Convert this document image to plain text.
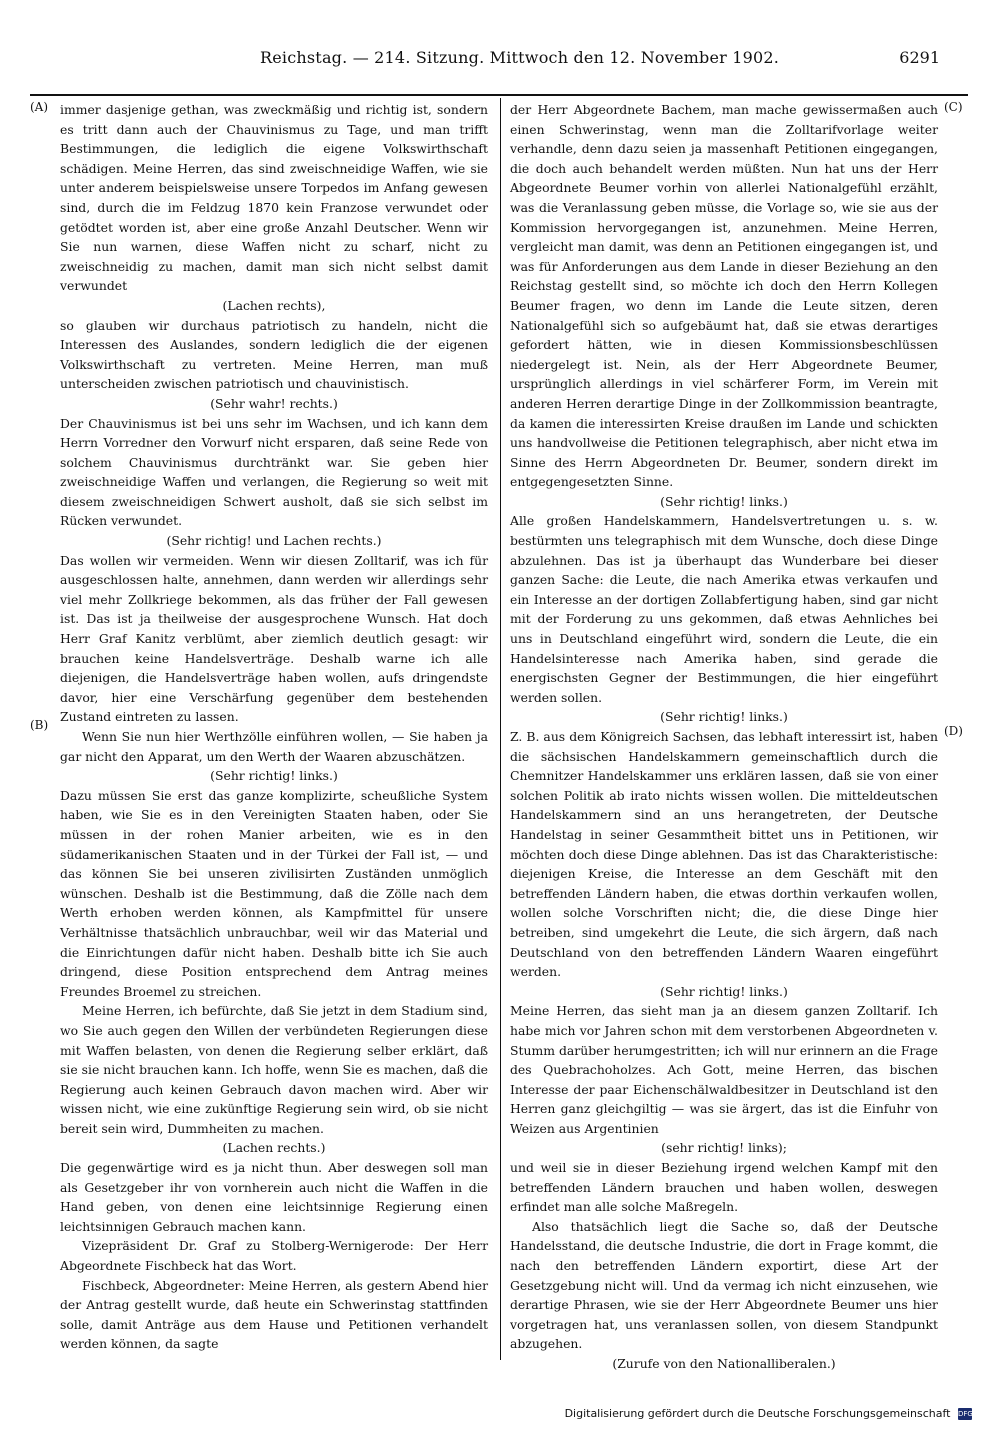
Reichstag. — 214. Sitzung. Mittwoch den 12. November 1902.	6291
(A)
(B)
(C)
(D)

immer dasjenige gethan, was zweckmäßig und richtig ist, sondern es tritt dann auch der Chauvinismus zu Tage, und man trifft Bestimmungen, die lediglich die eigene Volkswirthschaft schädigen. Meine Herren, das sind zweischneidige Waffen, wie sie unter anderem beispielsweise unsere Torpedos im Anfang gewesen sind, durch die im Feldzug 1870 kein Franzose verwundet oder getödtet worden ist, aber eine große Anzahl Deutscher. Wenn wir Sie nun warnen, diese Waffen nicht zu scharf, nicht zu zweischneidig zu machen, damit man sich nicht selbst damit verwundet

(Lachen rechts),

so glauben wir durchaus patriotisch zu handeln, nicht die Interessen des Auslandes, sondern lediglich die der eigenen Volkswirthschaft zu vertreten. Meine Herren, man muß unterscheiden zwischen patriotisch und chauvinistisch.

(Sehr wahr! rechts.)

Der Chauvinismus ist bei uns sehr im Wachsen, und ich kann dem Herrn Vorredner den Vorwurf nicht ersparen, daß seine Rede von solchem Chauvinismus durchtränkt war. Sie geben hier zweischneidige Waffen und verlangen, die Regierung so weit mit diesem zweischneidigen Schwert ausholt, daß sie sich selbst im Rücken verwundet.

(Sehr richtig! und Lachen rechts.)

Das wollen wir vermeiden. Wenn wir diesen Zolltarif, was ich für ausgeschlossen halte, annehmen, dann werden wir allerdings sehr viel mehr Zollkriege bekommen, als das früher der Fall gewesen ist. Das ist ja theilweise der ausgesprochene Wunsch. Hat doch Herr Graf Kanitz verblümt, aber ziemlich deutlich gesagt: wir brauchen keine Handelsverträge. Deshalb warne ich alle diejenigen, die Handelsverträge haben wollen, aufs dringendste davor, hier eine Verschärfung gegenüber dem bestehenden Zustand eintreten zu lassen.

Wenn Sie nun hier Werthzölle einführen wollen, — Sie haben ja gar nicht den Apparat, um den Werth der Waaren abzuschätzen.

(Sehr richtig! links.)

Dazu müssen Sie erst das ganze komplizirte, scheußliche System haben, wie Sie es in den Vereinigten Staaten haben, oder Sie müssen in der rohen Manier arbeiten, wie es in den südamerikanischen Staaten und in der Türkei der Fall ist, — und das können Sie bei unseren zivilisirten Zuständen unmöglich wünschen. Deshalb ist die Bestimmung, daß die Zölle nach dem Werth erhoben werden können, als Kampfmittel für unsere Verhältnisse thatsächlich unbrauchbar, weil wir das Material und die Einrichtungen dafür nicht haben. Deshalb bitte ich Sie auch dringend, diese Position entsprechend dem Antrag meines Freundes Broemel zu streichen.

Meine Herren, ich befürchte, daß Sie jetzt in dem Stadium sind, wo Sie auch gegen den Willen der verbündeten Regierungen diese mit Waffen belasten, von denen die Regierung selber erklärt, daß sie sie nicht brauchen kann. Ich hoffe, wenn Sie es machen, daß die Regierung auch keinen Gebrauch davon machen wird. Aber wir wissen nicht, wie eine zukünftige Regierung sein wird, ob sie nicht bereit sein wird, Dummheiten zu machen.

(Lachen rechts.)

Die gegenwärtige wird es ja nicht thun. Aber deswegen soll man als Gesetzgeber ihr von vornherein auch nicht die Waffen in die Hand geben, von denen eine leichtsinnige Regierung einen leichtsinnigen Gebrauch machen kann.

Vizepräsident Dr. Graf zu Stolberg-Wernigerode: Der Herr Abgeordnete Fischbeck hat das Wort.

Fischbeck, Abgeordneter: Meine Herren, als gestern Abend hier der Antrag gestellt wurde, daß heute ein Schwerinstag stattfinden solle, damit Anträge aus dem Hause und Petitionen verhandelt werden können, da sagte

der Herr Abgeordnete Bachem, man mache gewissermaßen auch einen Schwerinstag, wenn man die Zolltarifvorlage weiter verhandle, denn dazu seien ja massenhaft Petitionen eingegangen, die doch auch behandelt werden müßten. Nun hat uns der Herr Abgeordnete Beumer vorhin von allerlei Nationalgefühl erzählt, was die Veranlassung geben müsse, die Vorlage so, wie sie aus der Kommission hervorgegangen ist, anzunehmen. Meine Herren, vergleicht man damit, was denn an Petitionen eingegangen ist, und was für Anforderungen aus dem Lande in dieser Beziehung an den Reichstag gestellt sind, so möchte ich doch den Herrn Kollegen Beumer fragen, wo denn im Lande die Leute sitzen, deren Nationalgefühl sich so aufgebäumt hat, daß sie etwas derartiges gefordert hätten, wie in diesen Kommissionsbeschlüssen niedergelegt ist. Nein, als der Herr Abgeordnete Beumer, ursprünglich allerdings in viel schärferer Form, im Verein mit anderen Herren derartige Dinge in der Zollkommission beantragte, da kamen die interessirten Kreise draußen im Lande und schickten uns handvollweise die Petitionen telegraphisch, aber nicht etwa im Sinne des Herrn Abgeordneten Dr. Beumer, sondern direkt im entgegengesetzten Sinne.

(Sehr richtig! links.)

Alle großen Handelskammern, Handelsvertretungen u. s. w. bestürmten uns telegraphisch mit dem Wunsche, doch diese Dinge abzulehnen. Das ist ja überhaupt das Wunderbare bei dieser ganzen Sache: die Leute, die nach Amerika etwas verkaufen und ein Interesse an der dortigen Zollabfertigung haben, sind gar nicht mit der Forderung zu uns gekommen, daß etwas Aehnliches bei uns in Deutschland eingeführt wird, sondern die Leute, die ein Handelsinteresse nach Amerika haben, sind gerade die energischsten Gegner der Bestimmungen, die hier eingeführt werden sollen.

(Sehr richtig! links.)

Z. B. aus dem Königreich Sachsen, das lebhaft interessirt ist, haben die sächsischen Handelskammern gemeinschaftlich durch die Chemnitzer Handelskammer uns erklären lassen, daß sie von einer solchen Politik ab irato nichts wissen wollen. Die mitteldeutschen Handelskammern sind an uns herangetreten, der Deutsche Handelstag in seiner Gesammtheit bittet uns in Petitionen, wir möchten doch diese Dinge ablehnen. Das ist das Charakteristische: diejenigen Kreise, die Interesse an dem Geschäft mit den betreffenden Ländern haben, die etwas dorthin verkaufen wollen, wollen solche Vorschriften nicht; die, die diese Dinge hier betreiben, sind umgekehrt die Leute, die sich ärgern, daß nach Deutschland von den betreffenden Ländern Waaren eingeführt werden.

(Sehr richtig! links.)

Meine Herren, das sieht man ja an diesem ganzen Zolltarif. Ich habe mich vor Jahren schon mit dem verstorbenen Abgeordneten v. Stumm darüber herumgestritten; ich will nur erinnern an die Frage des Quebrachoholzes. Ach Gott, meine Herren, das bischen Interesse der paar Eichenschälwaldbesitzer in Deutschland ist den Herren ganz gleichgiltig — was sie ärgert, das ist die Einfuhr von Weizen aus Argentinien

(sehr richtig! links);

und weil sie in dieser Beziehung irgend welchen Kampf mit den betreffenden Ländern brauchen und haben wollen, deswegen erfindet man alle solche Maßregeln.

Also thatsächlich liegt die Sache so, daß der Deutsche Handelsstand, die deutsche Industrie, die dort in Frage kommt, die nach den betreffenden Ländern exportirt, diese Art der Gesetzgebung nicht will. Und da vermag ich nicht einzusehen, wie derartige Phrasen, wie sie der Herr Abgeordnete Beumer uns hier vorgetragen hat, uns veranlassen sollen, von diesem Standpunkt abzugehen.

(Zurufe von den Nationalliberalen.)

Digitalisierung gefördert durch die Deutsche Forschungsgemeinschaft DFG
